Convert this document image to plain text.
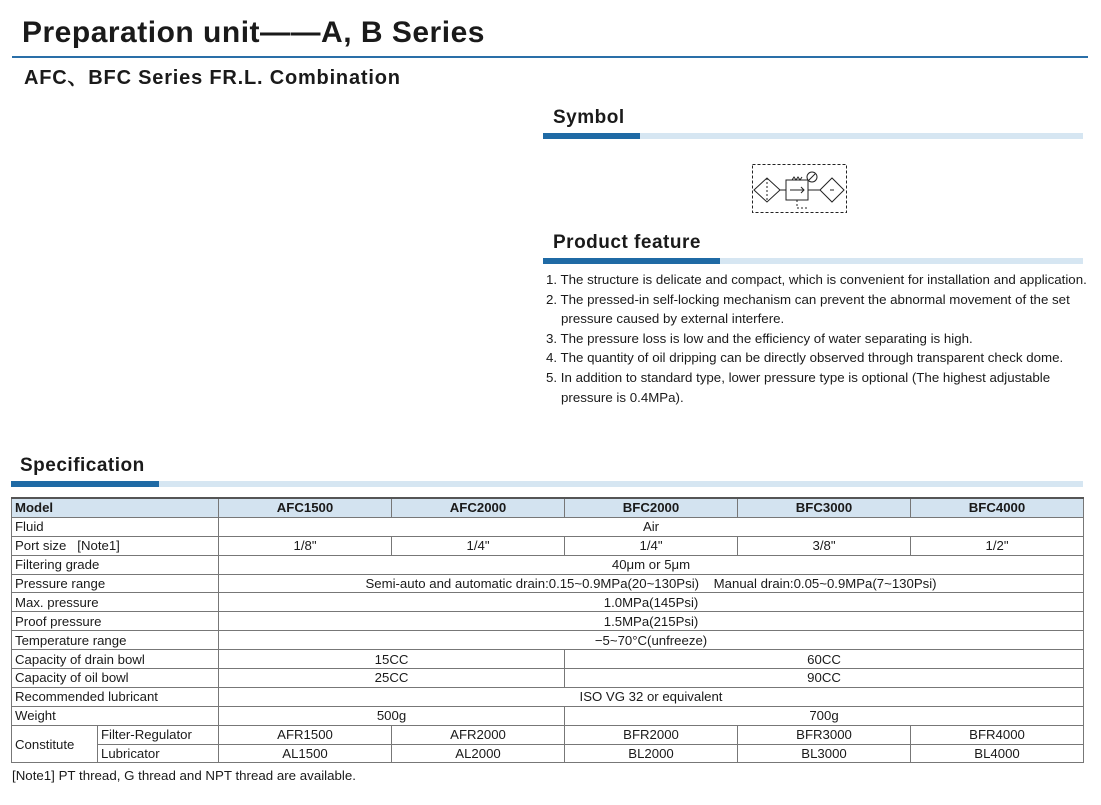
Preparation unit——A, B Series
AFC、BFC Series FR.L. Combination
Symbol
Product feature
1. The structure is delicate and compact, which is convenient for installation and application.
2. The pressed-in self-locking mechanism can prevent the abnormal movement of the set pressure caused by external interfere.
3. The pressure loss is low and the efficiency of water separating is high.
4. The quantity of oil dripping can be directly observed through transparent check dome.
5. In addition to standard type, lower pressure type is optional (The highest adjustable pressure is 0.4MPa).
Specification
Model		AFC1500	AFC2000	BFC2000	BFC3000	BFC4000
Fluid		Air				
Port size   [Note1]		1/8"	1/4"	1/4"	3/8"	1/2"
Filtering grade		40μm or 5μm				
Pressure range		Semi-auto and automatic drain:0.15~0.9MPa(20~130Psi)    Manual drain:0.05~0.9MPa(7~130Psi)				
Max. pressure		1.0MPa(145Psi)				
Proof pressure		1.5MPa(215Psi)				
Temperature range		−5~70°C(unfreeze)				
Capacity of drain bowl		15CC		60CC		
Capacity of oil bowl		25CC		90CC		
Recommended lubricant		ISO VG 32 or equivalent				
Weight		500g		700g		
Constitute	Filter-Regulator	AFR1500	AFR2000	BFR2000	BFR3000	BFR4000
	Lubricator	AL1500	AL2000	BL2000	BL3000	BL4000

[Note1] PT thread, G thread and NPT thread are available.
